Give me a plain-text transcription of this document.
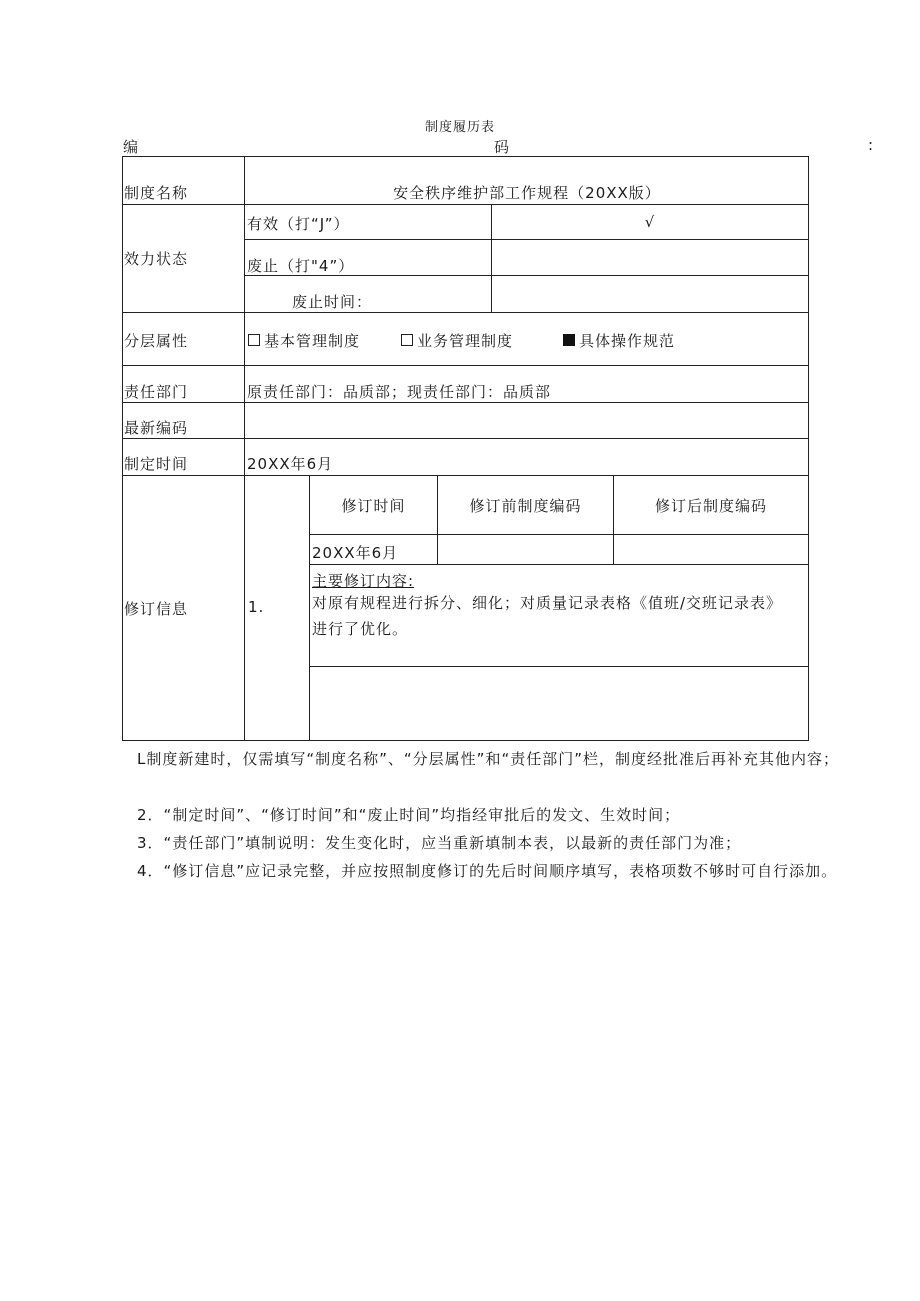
制度履历表
编	码	:
制度名称	安全秩序维护部工作规程（20XX版）
效力状态
有效（打“J”）	√
废止（打"4”）
废止时间：
分层属性	基本管理制度	业务管理制度	具体操作规范
责任部门	原责任部门：品质部；现责任部门：品质部
最新编码
制定时间	20XX年6月
修订信息	1.
修订时间	修订前制度编码	修订后制度编码
20XX年6月
主要修订内容:
对原有规程进行拆分、细化；对质量记录表格《值班/交班记录表》进行了优化。
L制度新建时，仅需填写“制度名称”、“分层属性”和“责任部门”栏，制度经批准后再补充其他内容；
2．“制定时间”、“修订时间”和“废止时间”均指经审批后的发文、生效时间；
3．“责任部门”填制说明：发生变化时，应当重新填制本表，以最新的责任部门为准；
4．“修订信息”应记录完整，并应按照制度修订的先后时间顺序填写，表格项数不够时可自行添加。
